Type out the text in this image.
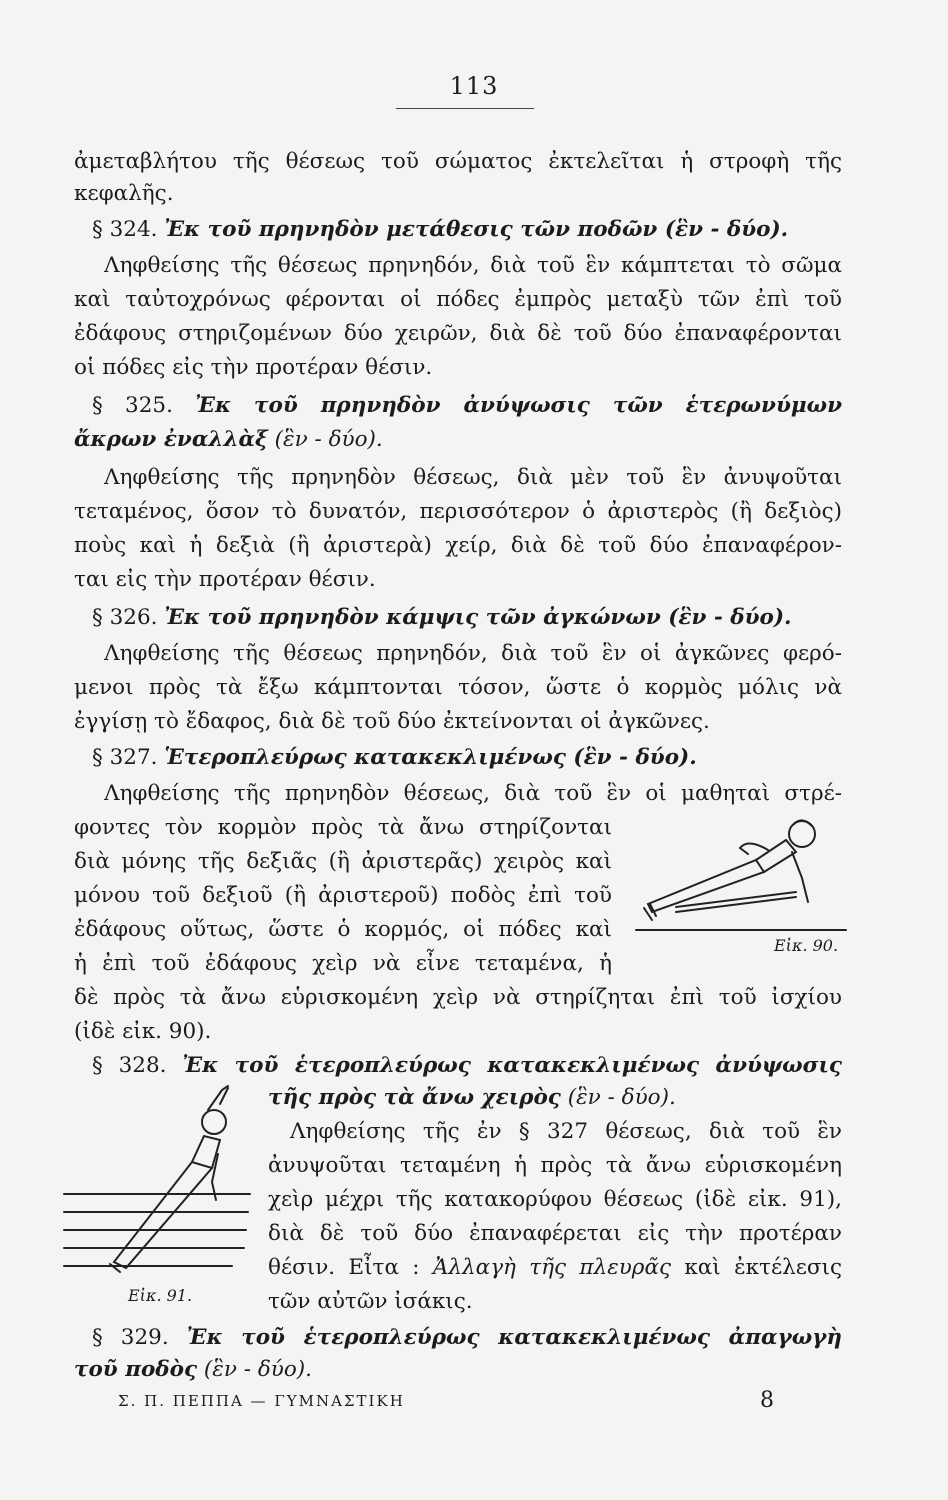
113
ἀμεταβλήτου τῆς θέσεως τοῦ σώματος ἐκτελεῖται ἡ στροφὴ τῆς
κεφαλῆς.
§ 324. Ἐκ τοῦ πρηνηδὸν μετάθεσις τῶν ποδῶν (ἓν - δύο).
Ληφθείσης τῆς θέσεως πρηνηδόν, διὰ τοῦ ἓν κάμπτεται τὸ σῶμα
καὶ ταὐτοχρόνως φέρονται οἱ πόδες ἐμπρὸς μεταξὺ τῶν ἐπὶ τοῦ
ἐδάφους στηριζομένων δύο χειρῶν, διὰ δὲ τοῦ δύο ἐπαναφέρονται
οἱ πόδες εἰς τὴν προτέραν θέσιν.
§ 325. Ἐκ τοῦ πρηνηδὸν ἀνύψωσις τῶν ἑτερωνύμων
ἄκρων ἐναλλὰξ (ἓν - δύο).
Ληφθείσης τῆς πρηνηδὸν θέσεως, διὰ μὲν τοῦ ἓν ἀνυψοῦται
τεταμένος, ὅσον τὸ δυνατόν, περισσότερον ὁ ἀριστερὸς (ἢ δεξιὸς)
ποὺς καὶ ἡ δεξιὰ (ἢ ἀριστερὰ) χείρ, διὰ δὲ τοῦ δύο ἐπαναφέρον-
ται εἰς τὴν προτέραν θέσιν.
§ 326. Ἐκ τοῦ πρηνηδὸν κάμψις τῶν ἀγκώνων (ἓν - δύο).
Ληφθείσης τῆς θέσεως πρηνηδόν, διὰ τοῦ ἓν οἱ ἀγκῶνες φερό-
μενοι πρὸς τὰ ἔξω κάμπτονται τόσον, ὥστε ὁ κορμὸς μόλις νὰ
ἐγγίσῃ τὸ ἔδαφος, διὰ δὲ τοῦ δύο ἐκτείνονται οἱ ἀγκῶνες.
§ 327. Ἑτεροπλεύρως κατακεκλιμένως (ἓν - δύο).
Ληφθείσης τῆς πρηνηδὸν θέσεως, διὰ τοῦ ἓν οἱ μαθηταὶ στρέ-
φοντες τὸν κορμὸν πρὸς τὰ ἄνω στηρίζονται
διὰ μόνης τῆς δεξιᾶς (ἢ ἀριστερᾶς) χειρὸς καὶ
μόνου τοῦ δεξιοῦ (ἢ ἀριστεροῦ) ποδὸς ἐπὶ τοῦ
ἐδάφους οὕτως, ὥστε ὁ κορμός, οἱ πόδες καὶ
ἡ ἐπὶ τοῦ ἐδάφους χεὶρ νὰ εἶνε τεταμένα, ἡ
δὲ πρὸς τὰ ἄνω εὑρισκομένη χεὶρ νὰ στηρίζηται ἐπὶ τοῦ ἰσχίου
(ἰδὲ εἰκ. 90).
Εἰκ. 90.
§ 328. Ἐκ τοῦ ἑτεροπλεύρως κατακεκλιμένως ἀνύψωσις
τῆς πρὸς τὰ ἄνω χειρὸς (ἓν - δύο).
Ληφθείσης τῆς ἐν § 327 θέσεως, διὰ τοῦ ἓν
ἀνυψοῦται τεταμένη ἡ πρὸς τὰ ἄνω εὑρισκομένη
χεὶρ μέχρι τῆς κατακορύφου θέσεως (ἰδὲ εἰκ. 91),
διὰ δὲ τοῦ δύο ἐπαναφέρεται εἰς τὴν προτέραν
θέσιν. Εἶτα : Ἀλλαγὴ τῆς πλευρᾶς καὶ ἐκτέλεσις
τῶν αὐτῶν ἰσάκις.
Εἰκ. 91.
§ 329. Ἐκ τοῦ ἑτεροπλεύρως κατακεκλιμένως ἀπαγωγὴ
τοῦ ποδὸς (ἓν - δύο).
Σ. Π. ΠΕΠΠΑ — ΓΥΜΝΑΣΤΙΚΗ	8
